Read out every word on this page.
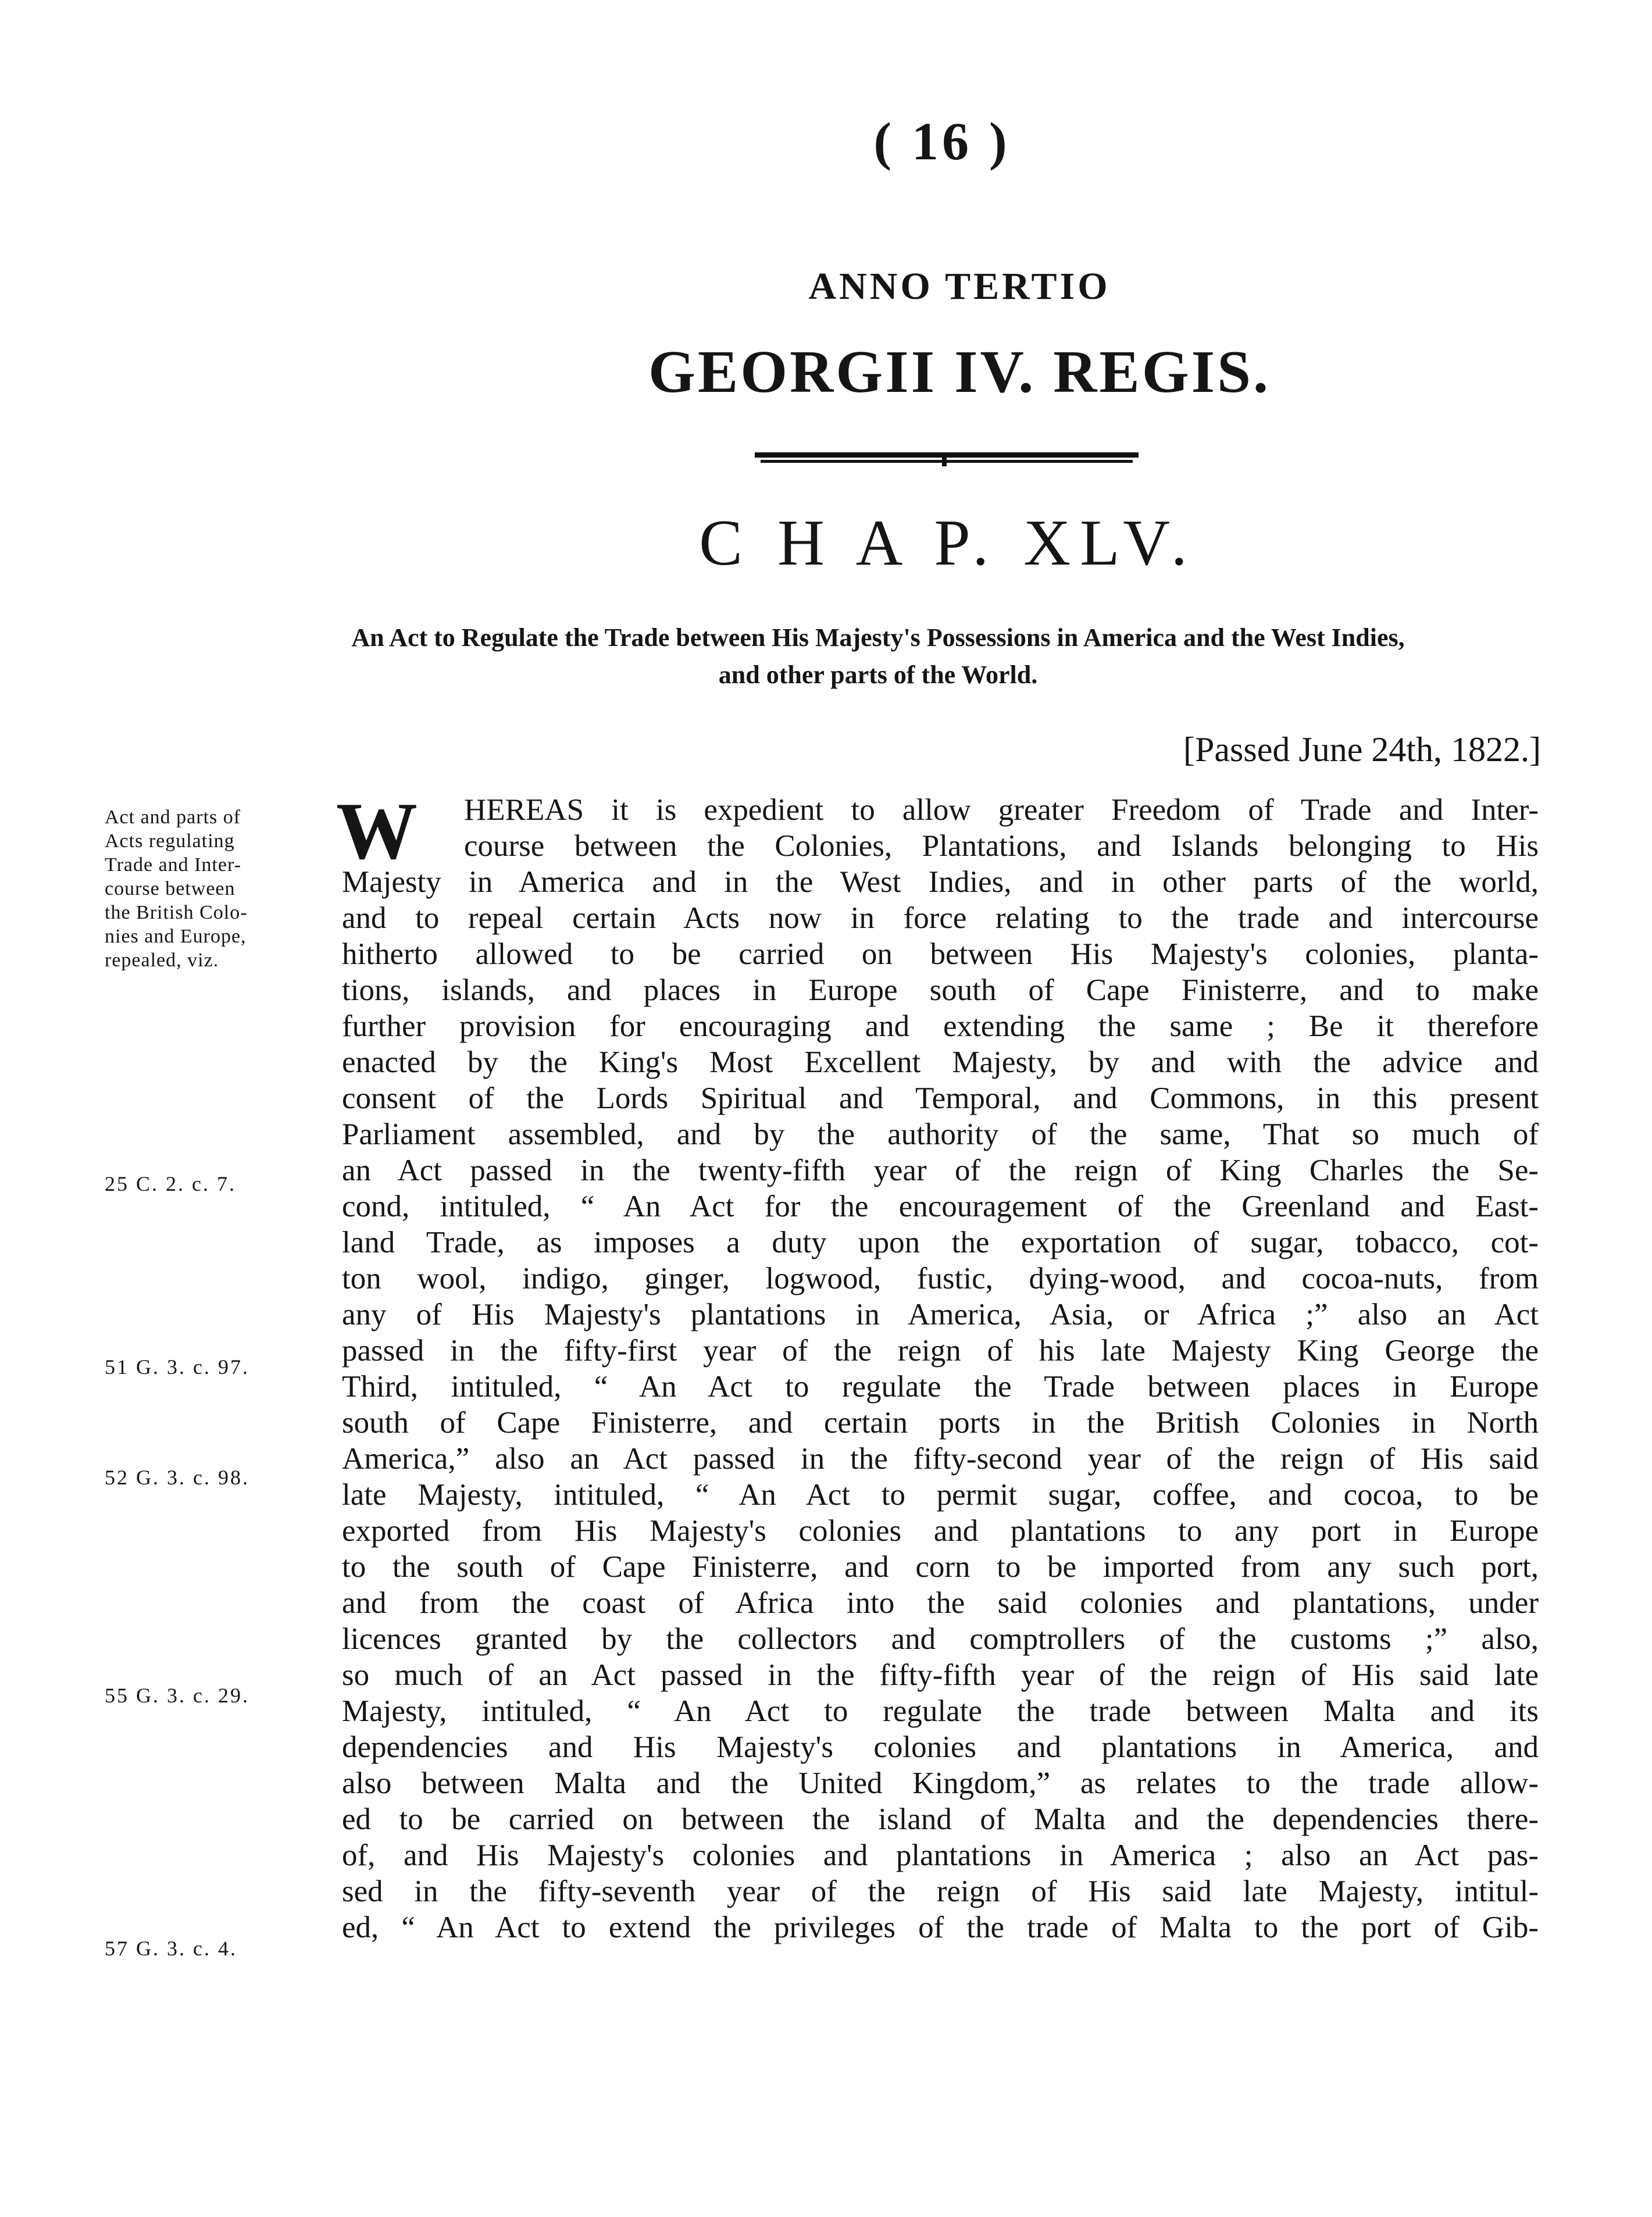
( 16 )
ANNO TERTIO
GEORGII IV. REGIS.
C H A P. XLV.
An Act to Regulate the Trade between His Majesty's Possessions in America and the West Indies,
and other parts of the World.
[Passed June 24th, 1822.]
Act and parts of
Acts regulating
Trade and Inter-
course between
the British Colo-
nies and Europe,
repealed, viz.
25 C. 2. c. 7.
51 G. 3. c. 97.
52 G. 3. c. 98.
55 G. 3. c. 29.
57 G. 3. c. 4.
W HEREAS it is expedient to allow greater Freedom of Trade and Inter-
course between the Colonies, Plantations, and Islands belonging to His
Majesty in America and in the West Indies, and in other parts of the world,
and to repeal certain Acts now in force relating to the trade and intercourse
hitherto allowed to be carried on between His Majesty's colonies, planta-
tions, islands, and places in Europe south of Cape Finisterre, and to make
further provision for encouraging and extending the same ; Be it therefore
enacted by the King's Most Excellent Majesty, by and with the advice and
consent of the Lords Spiritual and Temporal, and Commons, in this present
Parliament assembled, and by the authority of the same, That so much of
an Act passed in the twenty-fifth year of the reign of King Charles the Se-
cond, intituled, “ An Act for the encouragement of the Greenland and East-
land Trade, as imposes a duty upon the exportation of sugar, tobacco, cot-
ton wool, indigo, ginger, logwood, fustic, dying-wood, and cocoa-nuts, from
any of His Majesty's plantations in America, Asia, or Africa ;” also an Act
passed in the fifty-first year of the reign of his late Majesty King George the
Third, intituled, “ An Act to regulate the Trade between places in Europe
south of Cape Finisterre, and certain ports in the British Colonies in North
America,” also an Act passed in the fifty-second year of the reign of His said
late Majesty, intituled, “ An Act to permit sugar, coffee, and cocoa, to be
exported from His Majesty's colonies and plantations to any port in Europe
to the south of Cape Finisterre, and corn to be imported from any such port,
and from the coast of Africa into the said colonies and plantations, under
licences granted by the collectors and comptrollers of the customs ;” also,
so much of an Act passed in the fifty-fifth year of the reign of His said late
Majesty, intituled, “ An Act to regulate the trade between Malta and its
dependencies and His Majesty's colonies and plantations in America, and
also between Malta and the United Kingdom,” as relates to the trade allow-
ed to be carried on between the island of Malta and the dependencies there-
of, and His Majesty's colonies and plantations in America ; also an Act pas-
sed in the fifty-seventh year of the reign of His said late Majesty, intitul-
ed, “ An Act to extend the privileges of the trade of Malta to the port of Gib-
